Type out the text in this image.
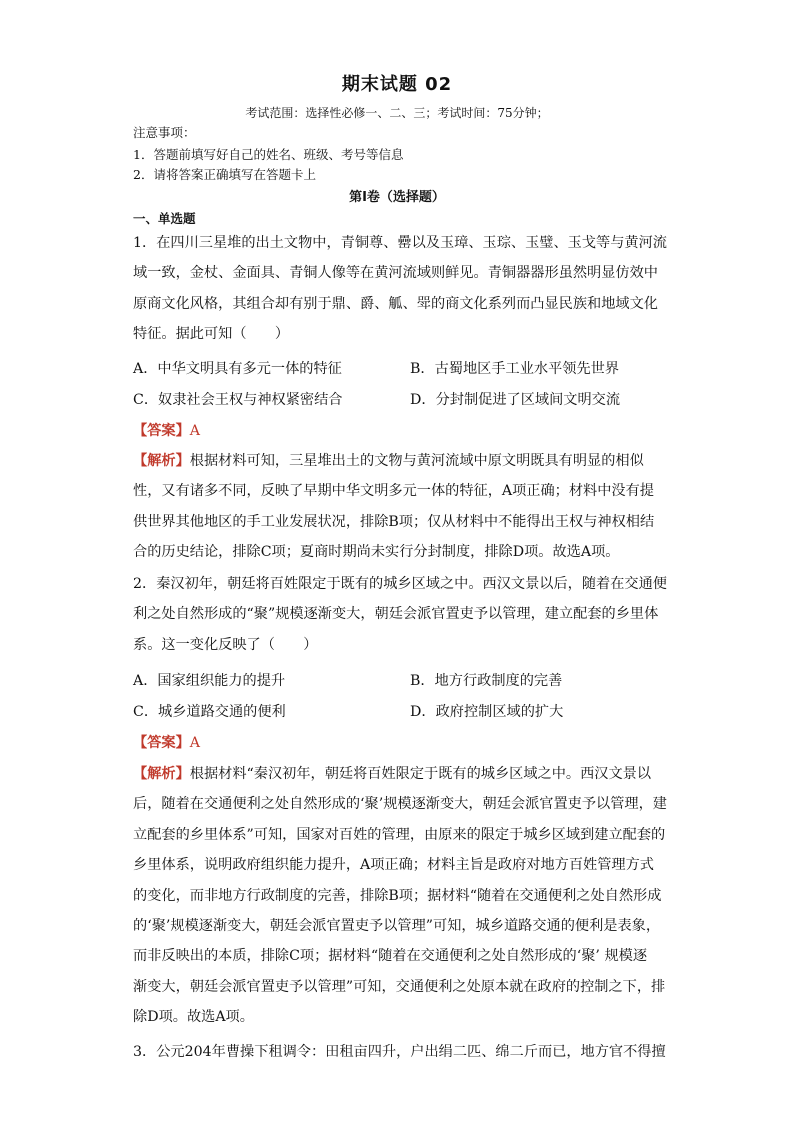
期末试题 02
考试范围：选择性必修一、二、三；考试时间：75分钟；
注意事项：
1．答题前填写好自己的姓名、班级、考号等信息
2．请将答案正确填写在答题卡上
第Ⅰ卷（选择题）
一、单选题
1．在四川三星堆的出土文物中，青铜尊、罍以及玉璋、玉琮、玉璧、玉戈等与黄河流
域一致，金杖、金面具、青铜人像等在黄河流域则鲜见。青铜器器形虽然明显仿效中
原商文化风格，其组合却有别于鼎、爵、觚、斝的商文化系列而凸显民族和地域文化
特征。据此可知（　　）
A．中华文明具有多元一体的特征	B．古蜀地区手工业水平领先世界
C．奴隶社会王权与神权紧密结合	D．分封制促进了区域间文明交流
【答案】A
【解析】根据材料可知，三星堆出土的文物与黄河流域中原文明既具有明显的相似
性，又有诸多不同，反映了早期中华文明多元一体的特征，A项正确；材料中没有提
供世界其他地区的手工业发展状况，排除B项；仅从材料中不能得出王权与神权相结
合的历史结论，排除C项；夏商时期尚未实行分封制度，排除D项。故选A项。
2．秦汉初年，朝廷将百姓限定于既有的城乡区域之中。西汉文景以后，随着在交通便
利之处自然形成的“聚”规模逐渐变大，朝廷会派官置吏予以管理，建立配套的乡里体
系。这一变化反映了（　　）
A．国家组织能力的提升	B．地方行政制度的完善
C．城乡道路交通的便利	D．政府控制区域的扩大
【答案】A
【解析】根据材料“秦汉初年，朝廷将百姓限定于既有的城乡区域之中。西汉文景以
后，随着在交通便利之处自然形成的‘聚’规模逐渐变大，朝廷会派官置吏予以管理，建
立配套的乡里体系”可知，国家对百姓的管理，由原来的限定于城乡区域到建立配套的
乡里体系，说明政府组织能力提升，A项正确；材料主旨是政府对地方百姓管理方式
的变化，而非地方行政制度的完善，排除B项；据材料“随着在交通便利之处自然形成
的‘聚’规模逐渐变大，朝廷会派官置吏予以管理”可知，城乡道路交通的便利是表象，
而非反映出的本质，排除C项；据材料“随着在交通便利之处自然形成的‘聚’ 规模逐
渐变大，朝廷会派官置吏予以管理”可知，交通便利之处原本就在政府的控制之下，排
除D项。故选A项。
3．公元204年曹操下租调令：田租亩四升，户出绢二匹、绵二斤而已，地方官不得擅
